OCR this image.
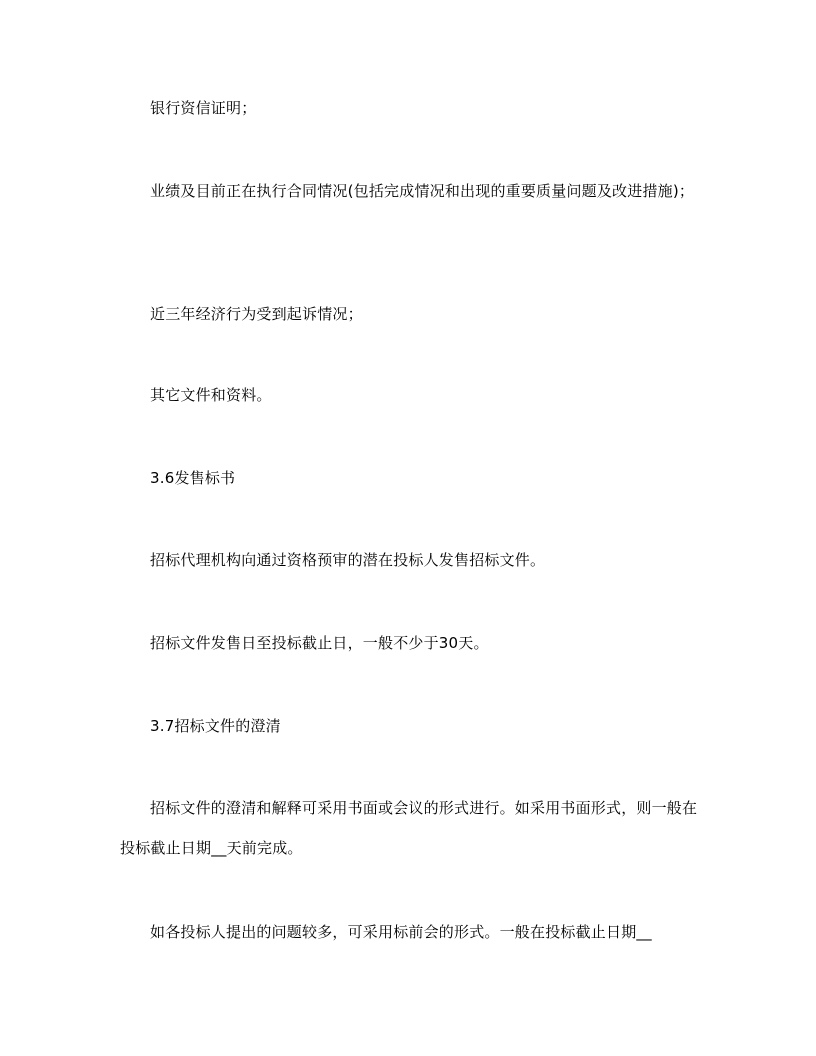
银行资信证明；

业绩及目前正在执行合同情况(包括完成情况和出现的重要质量问题及改进措施)；

近三年经济行为受到起诉情况；

其它文件和资料。

3.6发售标书

招标代理机构向通过资格预审的潜在投标人发售招标文件。

招标文件发售日至投标截止日，一般不少于30天。

3.7招标文件的澄清

招标文件的澄清和解释可采用书面或会议的形式进行。如采用书面形式，则一般在投标截止日期__天前完成。

如各投标人提出的问题较多，可采用标前会的形式。一般在投标截止日期__
